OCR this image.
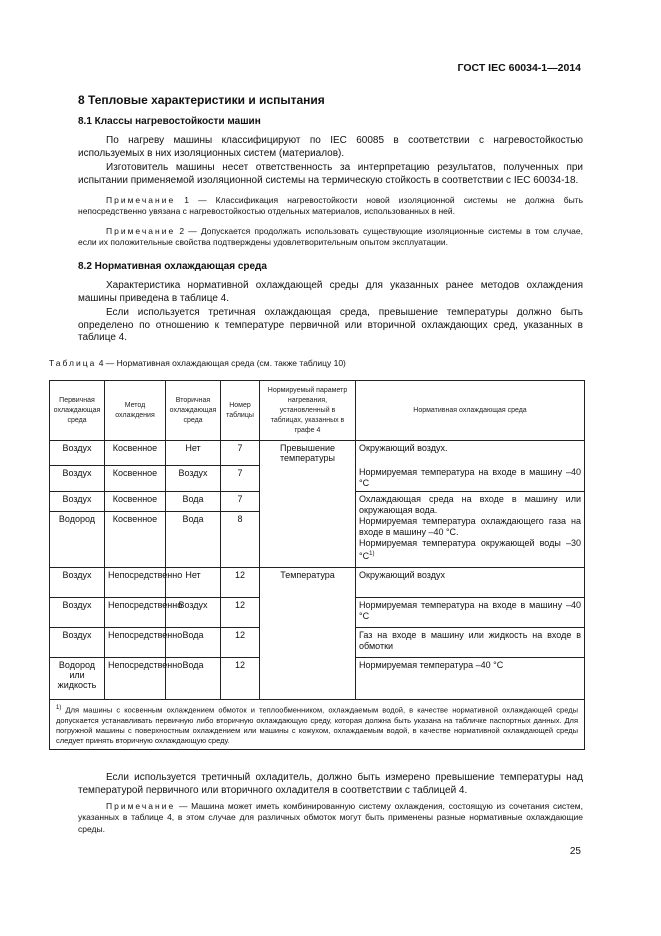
ГОСТ IEC 60034-1—2014
8 Тепловые характеристики и испытания
8.1 Классы нагревостойкости машин
По нагреву машины классифицируют по IEC 60085 в соответствии с нагревостойкостью используемых в них изоляционных систем (материалов).
Изготовитель машины несет ответственность за интерпретацию результатов, полученных при испытании применяемой изоляционной системы на термическую стойкость в соответствии с IEC 60034-18.
Примечание 1 — Классификация нагревостойкости новой изоляционной системы не должна быть непосредственно увязана с нагревостойкостью отдельных материалов, использованных в ней.
Примечание 2 — Допускается продолжать использовать существующие изоляционные системы в том случае, если их положительные свойства подтверждены удовлетворительным опытом эксплуатации.
8.2 Нормативная охлаждающая среда
Характеристика нормативной охлаждающей среды для указанных ранее методов охлаждения машины приведена в таблице 4.
Если используется третичная охлаждающая среда, превышение температуры должно быть определено по отношению к температуре первичной или вторичной охлаждающих сред, указанных в таблице 4.
Таблица 4 — Нормативная охлаждающая среда (см. также таблицу 10)
Первичная охлаждающая среда	Метод охлаждения	Вторичная охлаждающая среда	Номер таблицы	Нормируемый параметр нагревания, установленный в таблицах, указанных в графе 4	Нормативная охлаждающая среда
Воздух	Косвенное	Нет	7	Превышение температуры	Окружающий воздух.
Воздух	Косвенное	Воздух	7		Нормируемая температура на входе в машину –40 °С
Воздух	Косвенное	Вода	7		Охлаждающая среда на входе в машину или окружающая вода.
Нормируемая температура охлаждающего газа на входе в машину –40 °С.
Нормируемая температура окружающей воды –30 $^\circ С^{1)}$

Водород	Косвенное	Вода	8		
Воздух	Непосредственно	Нет	12	Температура	Окружающий воздух
Воздух	Непосредственно	Воздух	12		Нормируемая температура на входе в машину –40 °С
Воздух	Непосредственно	Вода	12		Газ на входе в машину или жидкость на входе в обмотки
Водород или жидкость	Непосредственно	Вода	12		Нормируемая температура –40 °С
$^{1)}$ Для машины с косвенным охлаждением обмоток и теплообменником, охлаждаемым водой, в качестве нормативной охлаждающей среды допускается устанавливать первичную либо вторичную охлаждающую среду, которая должна быть указана на табличке паспортных данных. Для погружной машины с поверхностным охлаждением или машины с кожухом, охлаждаемым водой, в качестве нормативной охлаждающей среды следует принять вторичную охлаждающую среду.					
Если используется третичный охладитель, должно быть измерено превышение температуры над температурой первичного или вторичного охладителя в соответствии с таблицей 4.
Примечание — Машина может иметь комбинированную систему охлаждения, состоящую из сочетания систем, указанных в таблице 4, в этом случае для различных обмоток могут быть применены разные нормативные охлаждающие среды.
25
